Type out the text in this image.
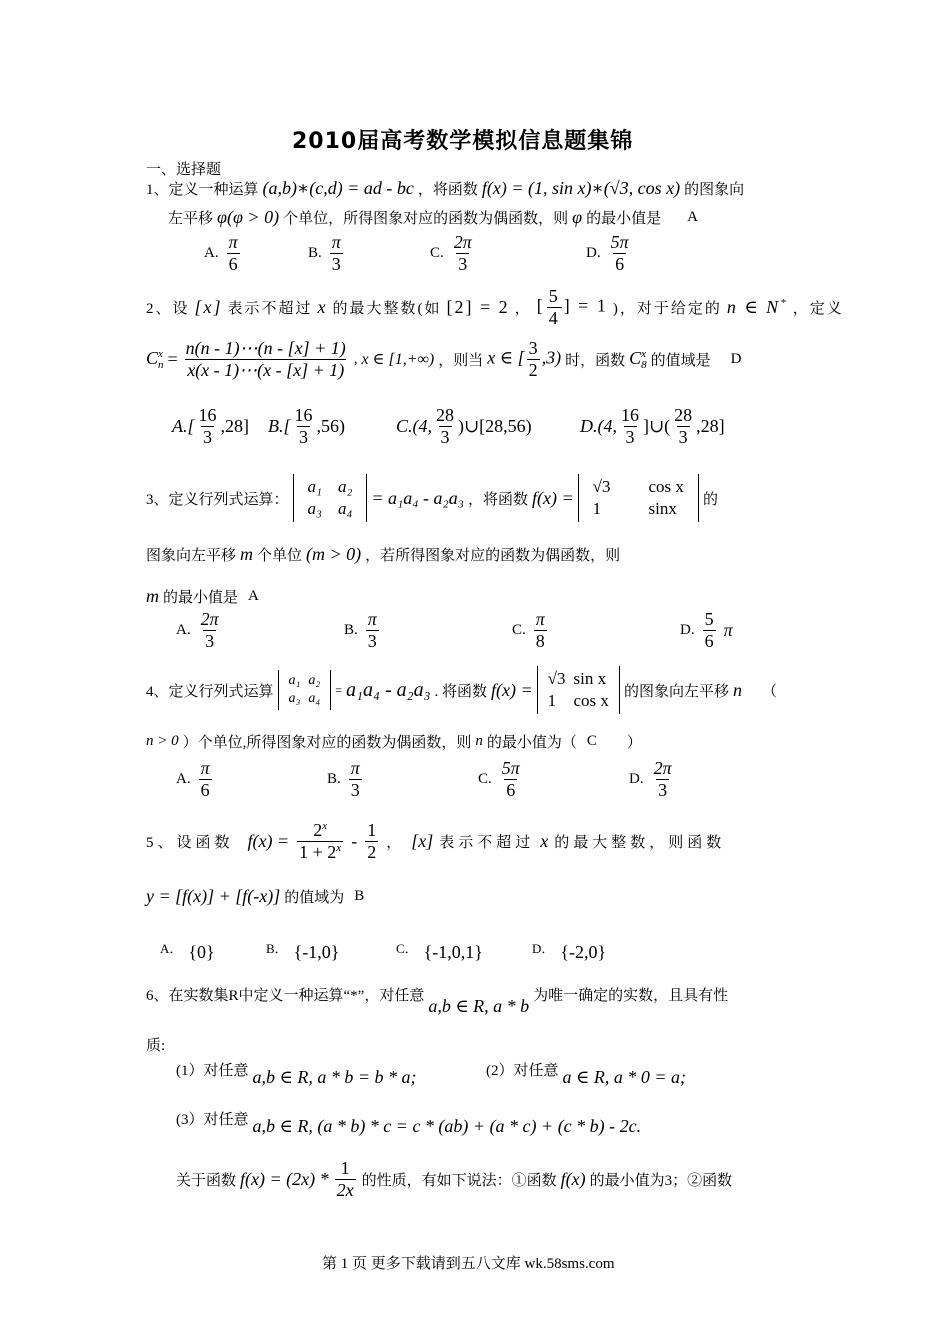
2010届高考数学模拟信息题集锦
一、选择题
1、定义一种运算 (a,b)∗(c,d) = ad - bc ，将函数 f(x) = (1, sin x)∗(√3, cos x) 的图象向
左平移 φ(φ > 0) 个单位，所得图象对应的函数为偶函数，则 φ 的最小值是 A
A. $\frac{\pi}{6}$	B. $\frac{\pi}{3}$	C. $\frac{2\pi}{3}$	D. $\frac{5\pi}{6}$
2、设 [x] 表示不超过 x 的最大整数(如 [2] = 2 ， [ $\frac{5}{4}$ ] = 1 )，对于给定的 n ∈ N* ，定义
C x
$n = \frac{n(n - 1)\cdots(n - [x] + 1)}{x(x - 1)\cdots(x - [x] + 1)}$ , x ∈ [1,+∞) ，则当 x ∈ [ $\frac{3}{2} ,3$) 时，函数 C x
8 的值域是 D
$A.[ \frac{16}{3} ,28]$ $B.[ \frac{16}{3} ,56)$	C.(4, $\frac{28}{3}$ )∪[28,56)	D.(4, $\frac{16}{3}$ ]∪( $\frac{28}{3} ,28$]
3、定义行列式运算：
a₁	a₂
a₃	a₄
= a₁a₄ - a₂a₃ ，将函数 f(x) =
√3	cos x
1	sinx 的
图象向左平移 m 个单位 (m > 0) ，若所得图象对应的函数为偶函数，则
m 的最小值是 A
A. $\frac{2\pi}{3}$	B. $\frac{\pi}{3}$	C. $\frac{\pi}{8}$	D. $\frac{5}{6}$ π
4、定义行列式运算
a₁	a₂
a₃	a₄
= a₁a₄ - a₂a₃ . 将函数 f(x) =
√3	sin x
1	cos x 的图象向左平移 n （
n > 0 ）个单位,所得图象对应的函数为偶函数，则 n 的最小值为（ C ）
A. $\frac{\pi}{6}$	B. $\frac{\pi}{3}$	C. $\frac{5\pi}{6}$	D. $\frac{2\pi}{3}$
5、设函数 $f(x) = \frac{2^x}{1 + 2^x} - \frac{1}{2}$ ， [x] 表示不超过 x 的最大整数，则函数
y = [f(x)] + [f(-x)] 的值域为 B
A． {0}	B． {-1,0}	C． {-1,0,1}	D． {-2,0}
6、在实数集R中定义一种运算“*”，对任意 a,b ∈ R, a * b 为唯一确定的实数，且具有性
质:
(1）对任意 a,b ∈ R, a * b = b * a;	(2）对任意 a ∈ R, a * 0 = a;
(3）对任意 a,b ∈ R, (a * b) * c = c * (ab) + (a * c) + (c * b) - 2c.
关于函数 $f(x) = (2x) * \frac{1}{2x}$ 的性质，有如下说法：①函数 f(x) 的最小值为3；②函数
第 1 页 更多下载请到五八文库 wk.58sms.com
